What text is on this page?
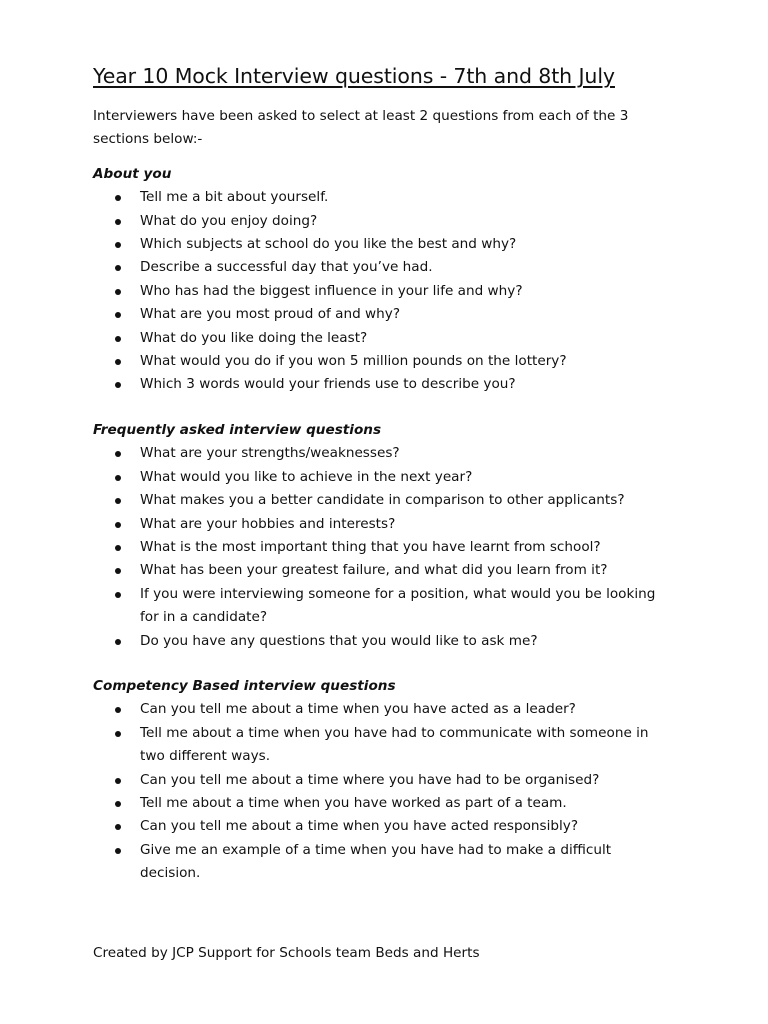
Year 10 Mock Interview questions - 7th and 8th July

Interviewers have been asked to select at least 2 questions from each of the 3 sections below:-

About you
Tell me a bit about yourself.
What do you enjoy doing?
Which subjects at school do you like the best and why?
Describe a successful day that you’ve had.
Who has had the biggest influence in your life and why?
What are you most proud of and why?
What do you like doing the least?
What would you do if you won 5 million pounds on the lottery?
Which 3 words would your friends use to describe you?
Frequently asked interview questions
What are your strengths/weaknesses?
What would you like to achieve in the next year?
What makes you a better candidate in comparison to other applicants?
What are your hobbies and interests?
What is the most important thing that you have learnt from school?
What has been your greatest failure, and what did you learn from it?
If you were interviewing someone for a position, what would you be looking for in a candidate?
Do you have any questions that you would like to ask me?
Competency Based interview questions
Can you tell me about a time when you have acted as a leader?
Tell me about a time when you have had to communicate with someone in two different ways.
Can you tell me about a time where you have had to be organised?
Tell me about a time when you have worked as part of a team.
Can you tell me about a time when you have acted responsibly?
Give me an example of a time when you have had to make a difficult decision.
Created by JCP Support for Schools team Beds and Herts
